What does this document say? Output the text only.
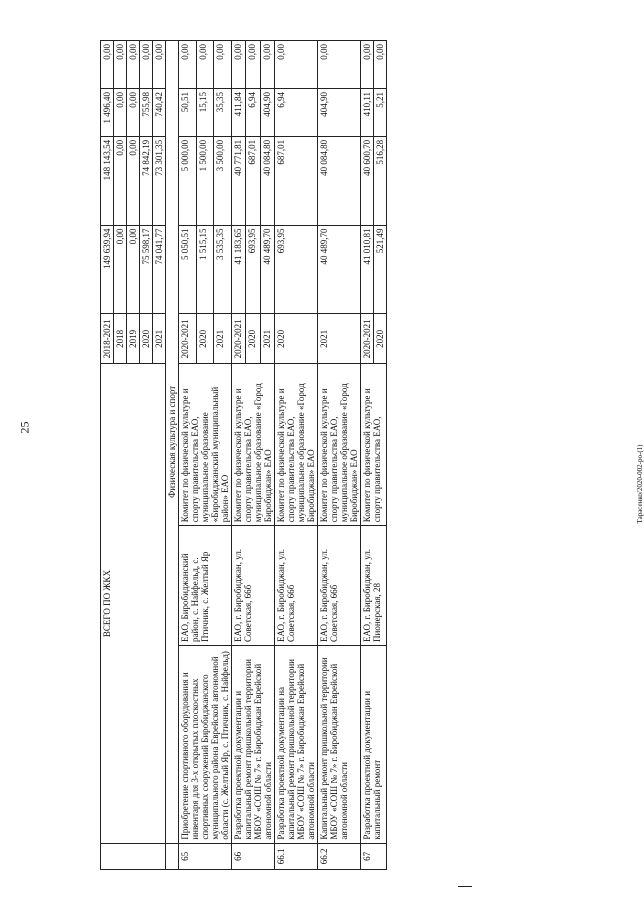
25
Тарасенко/2020-002-ро-(1)
	ВСЕГО ПО ЖКХ			2018-2021	149 639,94	148 143,54	1 496,40	0,00
				2018	0,00	0,00	0,00	0,00
				2019	0,00	0,00	0,00	0,00
				2020	75 598,17	74 842,19	755,98	0,00
				2021	74 041,77	73 301,35	740,42	0,00
	Физическая культура и спорт							
65	Приобретение спортивного оборудования и инвентаря для 3-х открытых плоскостных спортивных сооружений Биробиджанского муниципального района Еврейской автономной области (с. Желтый Яр, с. Птичник, с. Найфельд)	ЕАО, Биробиджанский район, с. Найфельд, с. Птичник, с. Желтый Яр	Комитет по физической культуре и спорту правительства ЕАО, муниципальное образование «Биробиджанский муниципальный район» ЕАО	2020-2021	5 050,51	5 000,00	50,51	0,00
				2020	1 515,15	1 500,00	15,15	0,00
				2021	3 535,35	3 500,00	35,35	0,00
66	Разработка проектной документации и капитальный ремонт пришкольной территории МБОУ «СОШ № 7» г. Биробиджан Еврейской автономной области	ЕАО, г. Биробиджан, ул. Советская, 66б	Комитет по физической культуре и спорту правительства ЕАО, муниципальное образование «Город Биробиджан» ЕАО	2020-2021	41 183,65	40 771,81	411,84	0,00
				2020	693,95	687,01	6,94	0,00
				2021	40 489,70	40 084,80	404,90	0,00
66.1	Разработка проектной документации на капитальный ремонт пришкольной территории МБОУ «СОШ № 7» г. Биробиджан Еврейской автономной области	ЕАО, г. Биробиджан, ул. Советская, 66б	Комитет по физической культуре и спорту правительства ЕАО, муниципальное образование «Город Биробиджан» ЕАО	2020	693,95	687,01	6,94	0,00
66.2	Капитальный ремонт пришкольной территории МБОУ «СОШ № 7» г. Биробиджан Еврейской автономной области	ЕАО, г. Биробиджан, ул. Советская, 66б	Комитет по физической культуре и спорту правительства ЕАО, муниципальное образование «Город Биробиджан» ЕАО	2021	40 489,70	40 084,80	404,90	0,00
67	Разработка проектной документации и капитальный ремонт	ЕАО, г. Биробиджан, ул. Пионерская, 28	Комитет по физической культуре и спорту правительства ЕАО,	2020-2021	41 010,81	40 600,70	410,11	0,00
				2020	521,49	516,28	5,21	0,00
